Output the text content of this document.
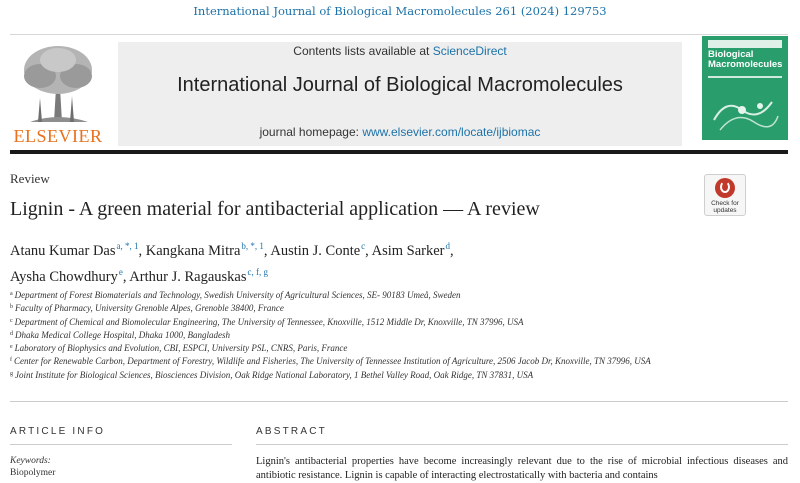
International Journal of Biological Macromolecules 261 (2024) 129753
ELSEVIER
Contents lists available at ScienceDirect
International Journal of Biological Macromolecules
journal homepage: www.elsevier.com/locate/ijbiomac
Biological Macromolecules
Review
Lignin - A green material for antibacterial application — A review	Check for updates
Atanu Kumar Das$^{a, *, 1}$, Kangkana Mitra$^{b, *, 1}$, Austin J. Conte$^c$, Asim Sarker$^d$,
Aysha Chowdhury$^e$, Arthur J. Ragauskas$^{c, f, g}$
$^a$ Department of Forest Biomaterials and Technology, Swedish University of Agricultural Sciences, SE- 90183 Umeå, Sweden
$^b$ Faculty of Pharmacy, University Grenoble Alpes, Grenoble 38400, France
$^c$ Department of Chemical and Biomolecular Engineering, The University of Tennessee, Knoxville, 1512 Middle Dr, Knoxville, TN 37996, USA
$^d$ Dhaka Medical College Hospital, Dhaka 1000, Bangladesh
$^e$ Laboratory of Biophysics and Evolution, CBI, ESPCI, University PSL, CNRS, Paris, France
$^f$ Center for Renewable Carbon, Department of Forestry, Wildlife and Fisheries, The University of Tennessee Institution of Agriculture, 2506 Jacob Dr, Knoxville, TN 37996, USA
$^g$ Joint Institute for Biological Sciences, Biosciences Division, Oak Ridge National Laboratory, 1 Bethel Valley Road, Oak Ridge, TN 37831, USA
ARTICLE INFO
Keywords:
Biopolymer
ABSTRACT
Lignin's antibacterial properties have become increasingly relevant due to the rise of microbial infectious diseases and antibiotic resistance. Lignin is capable of interacting electrostatically with bacteria and contains
